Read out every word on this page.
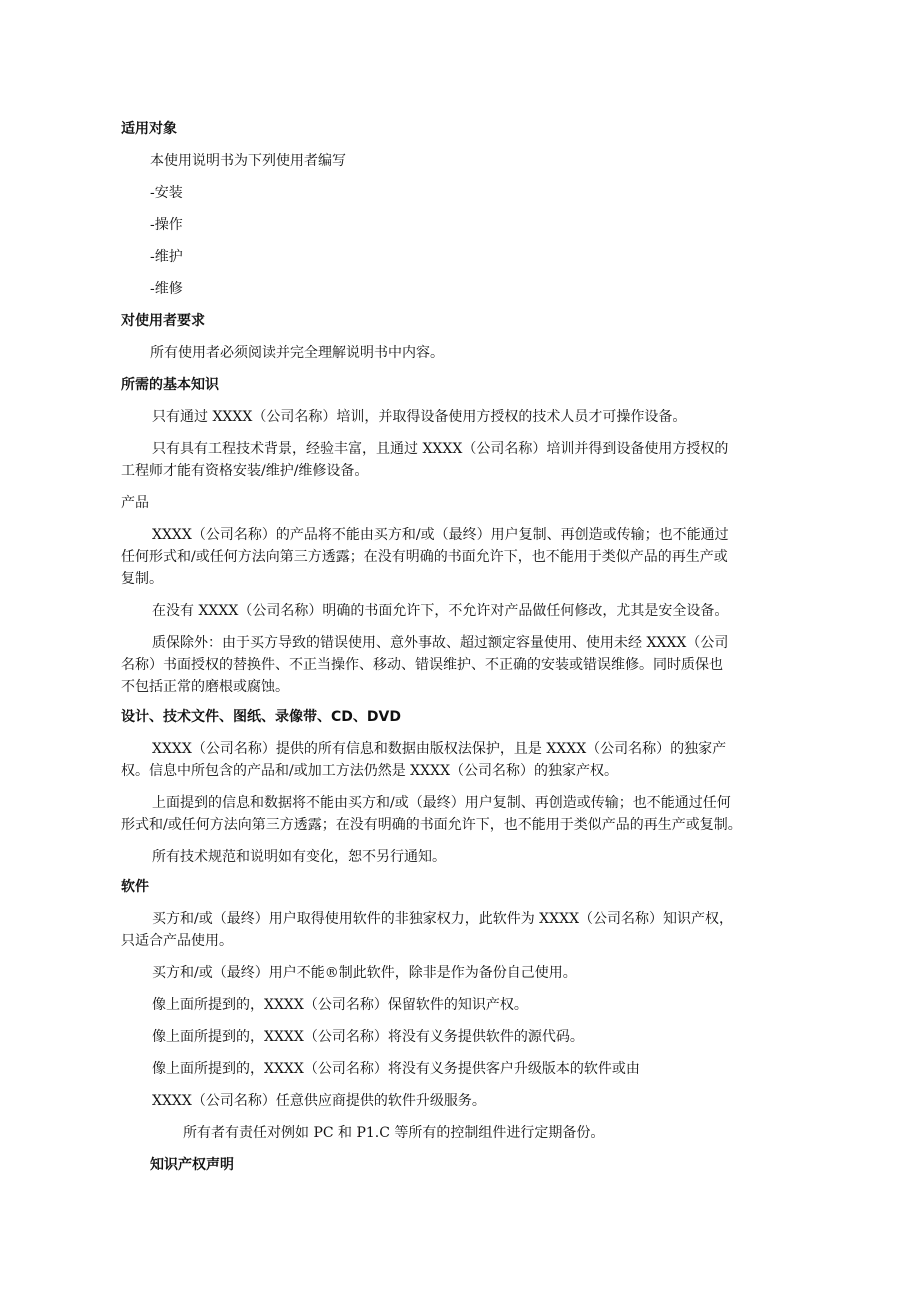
适用对象

本使用说明书为下列使用者编写

-安装

-操作

-维护

-维修

对使用者要求

所有使用者必须阅读并完全理解说明书中内容。

所需的基本知识

只有通过 XXXX（公司名称）培训，并取得设备使用方授权的技术人员才可操作设备。

只有具有工程技术背景，经验丰富，且通过 XXXX（公司名称）培训并得到设备使用方授权的

工程师才能有资格安装/维护/维修设备。

产品

XXXX（公司名称）的产品将不能由买方和/或（最终）用户复制、再创造或传输；也不能通过

任何形式和/或任何方法向第三方透露；在没有明确的书面允许下，也不能用于类似产品的再生产或

复制。

在没有 XXXX（公司名称）明确的书面允许下，不允许对产品做任何修改，尤其是安全设备。

质保除外：由于买方导致的错误使用、意外事故、超过额定容量使用、使用未经 XXXX（公司

名称）书面授权的替换件、不正当操作、移动、错误维护、不正确的安装或错误维修。同时质保也

不包括正常的磨根或腐蚀。

设计、技术文件、图纸、录像带、CD、DVD

XXXX（公司名称）提供的所有信息和数据由版权法保护，且是 XXXX（公司名称）的独家产

权。信息中所包含的产品和/或加工方法仍然是 XXXX（公司名称）的独家产权。

上面提到的信息和数据将不能由买方和/或（最终）用户复制、再创造或传输；也不能通过任何

形式和/或任何方法向第三方透露；在没有明确的书面允许下，也不能用于类似产品的再生产或复制。

所有技术规范和说明如有变化，恕不另行通知。

软件

买方和/或（最终）用户取得使用软件的非独家权力，此软件为 XXXX（公司名称）知识产权，

只适合产品使用。

买方和/或（最终）用户不能®制此软件，除非是作为备份自己使用。

像上面所提到的，XXXX（公司名称）保留软件的知识产权。

像上面所提到的，XXXX（公司名称）将没有义务提供软件的源代码。

像上面所提到的，XXXX（公司名称）将没有义务提供客户升级版本的软件或由

XXXX（公司名称）任意供应商提供的软件升级服务。

所有者有责任对例如 PC 和 P1.C 等所有的控制组件进行定期备份。

知识产权声明
